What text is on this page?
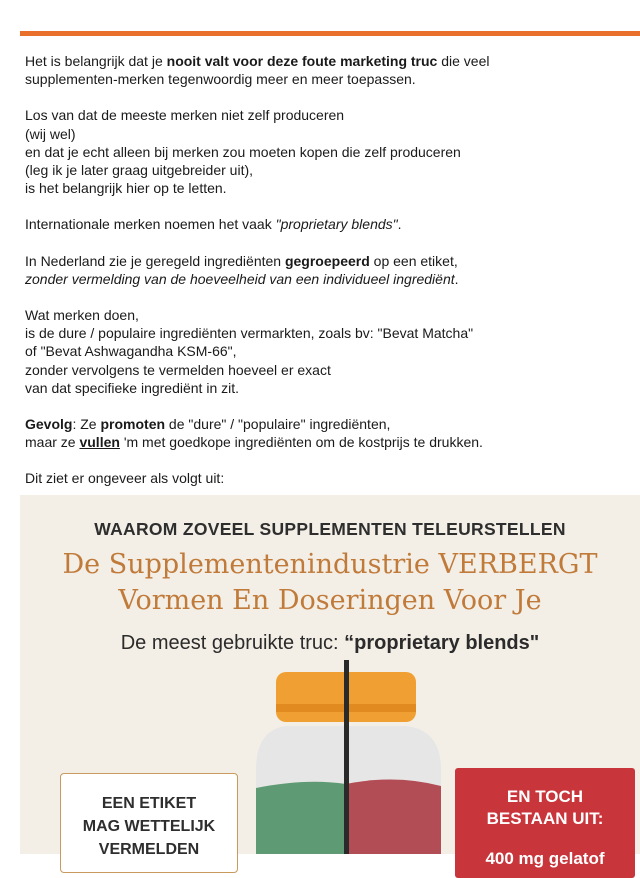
Het is belangrijk dat je nooit valt voor deze foute marketing truc die veel
supplementen-merken tegenwoordig meer en meer toepassen.

Los van dat de meeste merken niet zelf produceren
(wij wel)
en dat je echt alleen bij merken zou moeten kopen die zelf produceren
(leg ik je later graag uitgebreider uit),
is het belangrijk hier op te letten.

Internationale merken noemen het vaak "proprietary blends".

In Nederland zie je geregeld ingrediënten gegroepeerd op een etiket,
zonder vermelding van de hoeveelheid van een individueel ingrediënt.

Wat merken doen,
is de dure / populaire ingrediënten vermarkten, zoals bv: "Bevat Matcha"
of "Bevat Ashwagandha KSM-66",
zonder vervolgens te vermelden hoeveel er exact
van dat specifieke ingrediënt in zit.

Gevolg: Ze promoten de "dure" / "populaire" ingrediënten,
maar ze vullen 'm met goedkope ingrediënten om de kostprijs te drukken.

Dit ziet er ongeveer als volgt uit:

WAAROM ZOVEEL SUPPLEMENTEN TELEURSTELLEN
De Supplementenindustrie VERBERGT
Vormen En Doseringen Voor Je
De meest gebruikte truc: “proprietary blends"
EEN ETIKET
MAG WETTELIJK
VERMELDEN
EN TOCH
BESTAAN UIT:
400 mg gelatof
